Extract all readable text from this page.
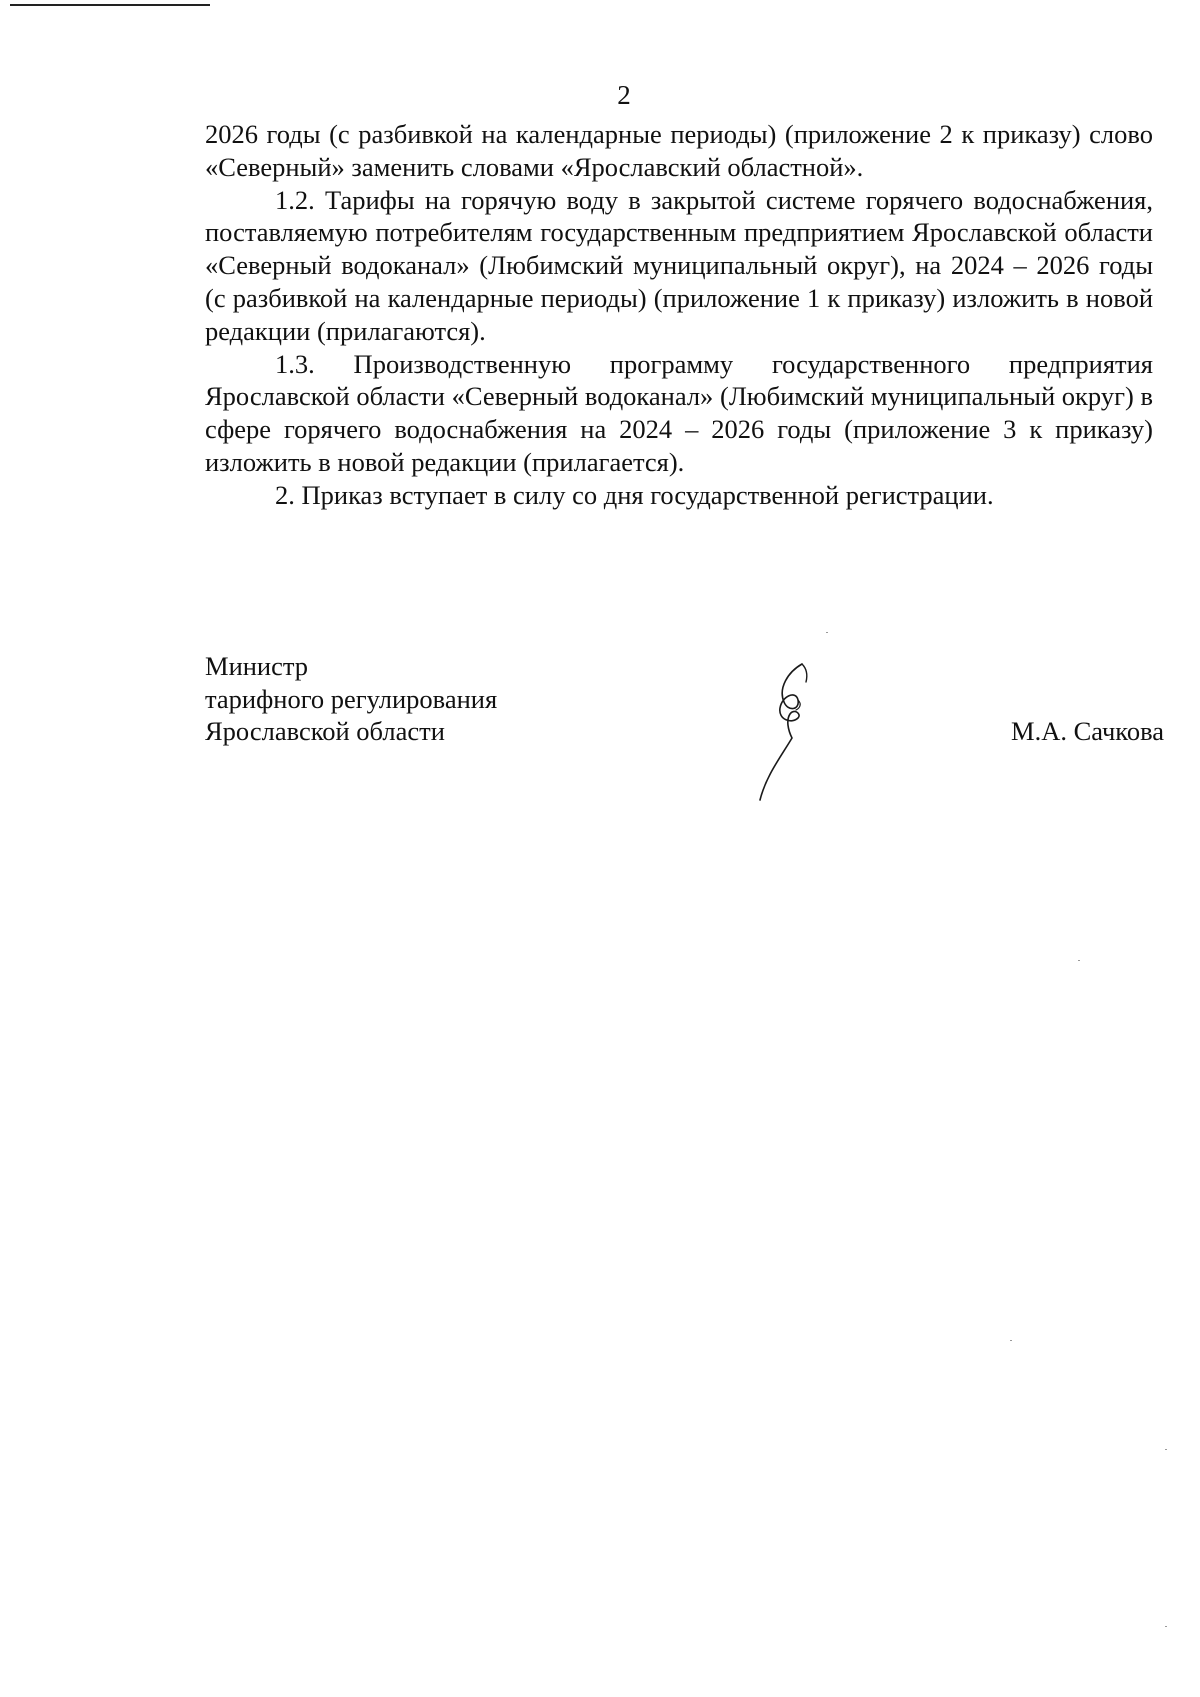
2

2026 годы (с разбивкой на календарные периоды) (приложение 2 к приказу) слово «Северный» заменить словами «Ярославский областной».

1.2. Тарифы на горячую воду в закрытой системе горячего водоснабжения, поставляемую потребителям государственным предприятием Ярославской области «Северный водоканал» (Любимский муниципальный округ), на 2024 – 2026 годы (с разбивкой на календарные периоды) (приложение 1 к приказу) изложить в новой редакции (прилагаются).

1.3. Производственную программу государственного предприятия Ярославской области «Северный водоканал» (Любимский муниципальный округ) в сфере горячего водоснабжения на 2024 – 2026 годы (приложение 3 к приказу) изложить в новой редакции (прилагается).

2. Приказ вступает в силу со дня государственной регистрации.

Министр
тарифного регулирования
Ярославской области	М.А. Сачкова
